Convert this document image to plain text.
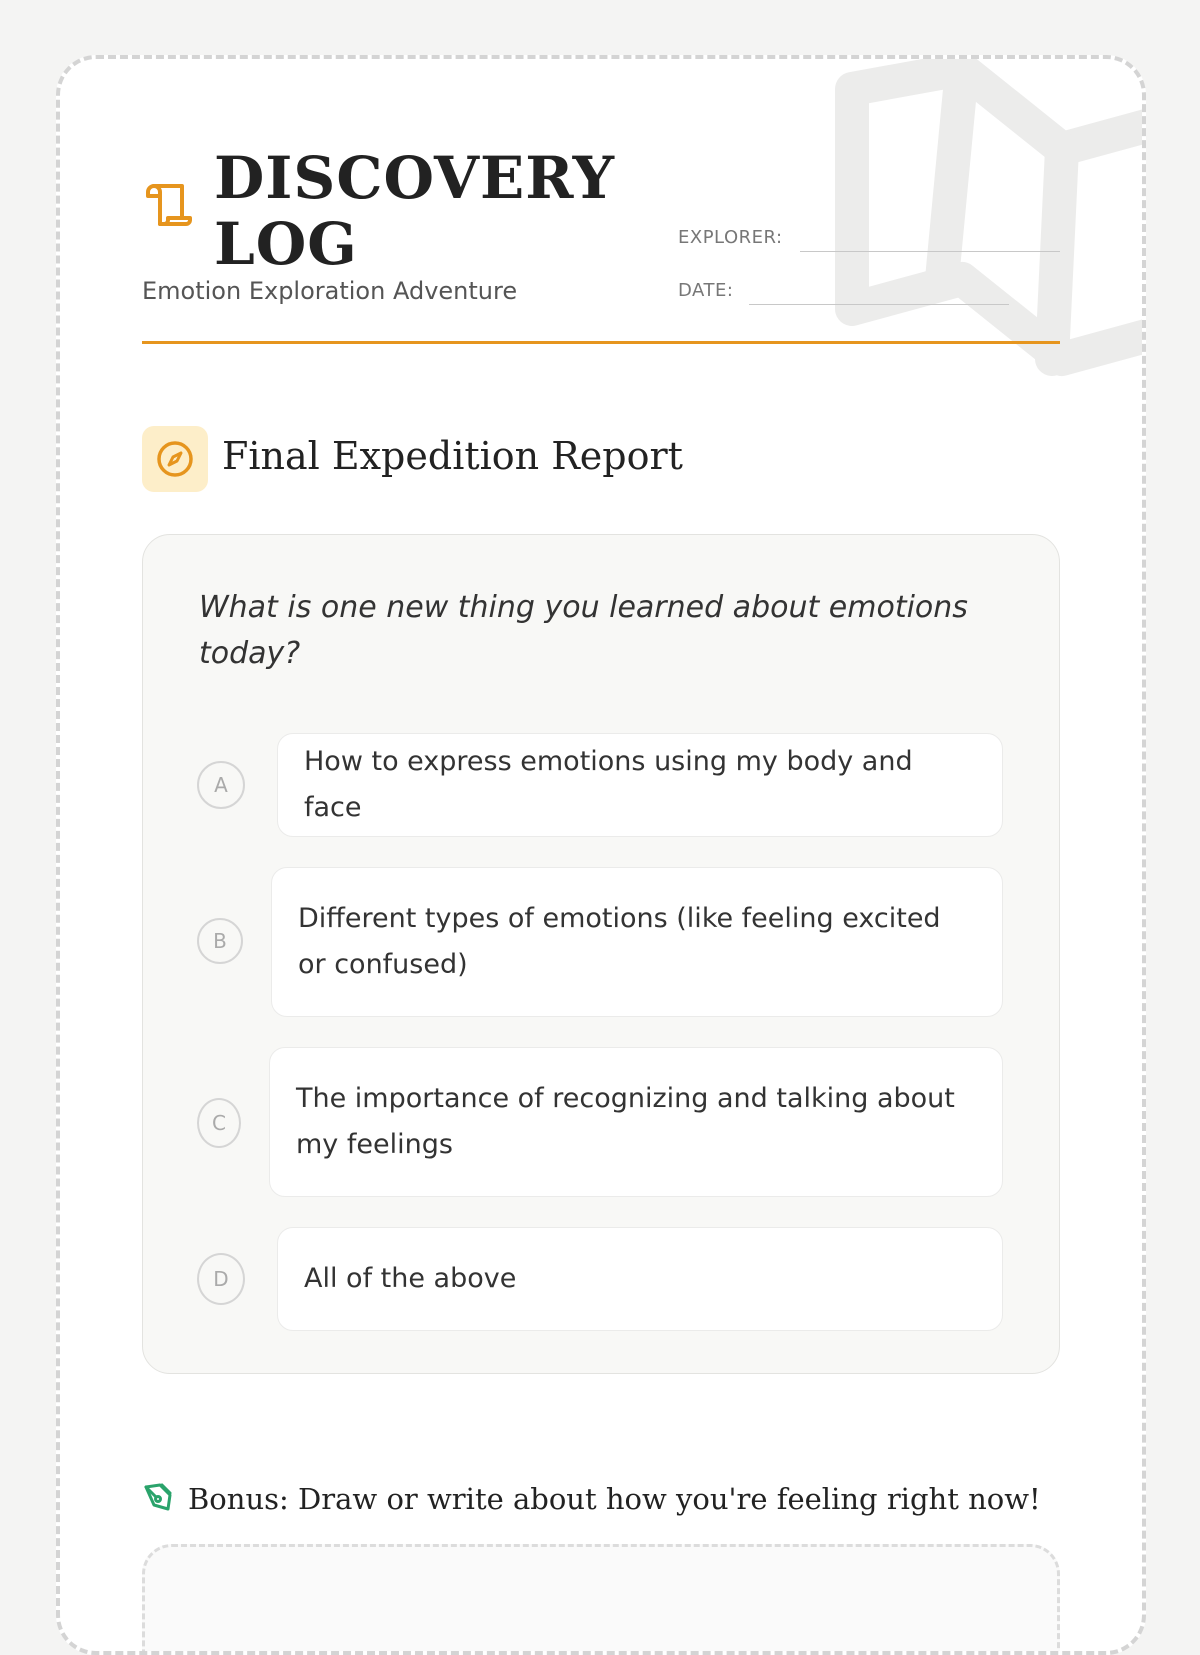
DISCOVERY LOG
Emotion Exploration Adventure
EXPLORER:
DATE:
Final Expedition Report

What is one new thing you learned about emotions today?

A
How to express emotions using my body and face
B
Different types of emotions (like feeling excited or confused)
C
The importance of recognizing and talking about my feelings
D	All of the above
Bonus: Draw or write about how you're feeling right now!
